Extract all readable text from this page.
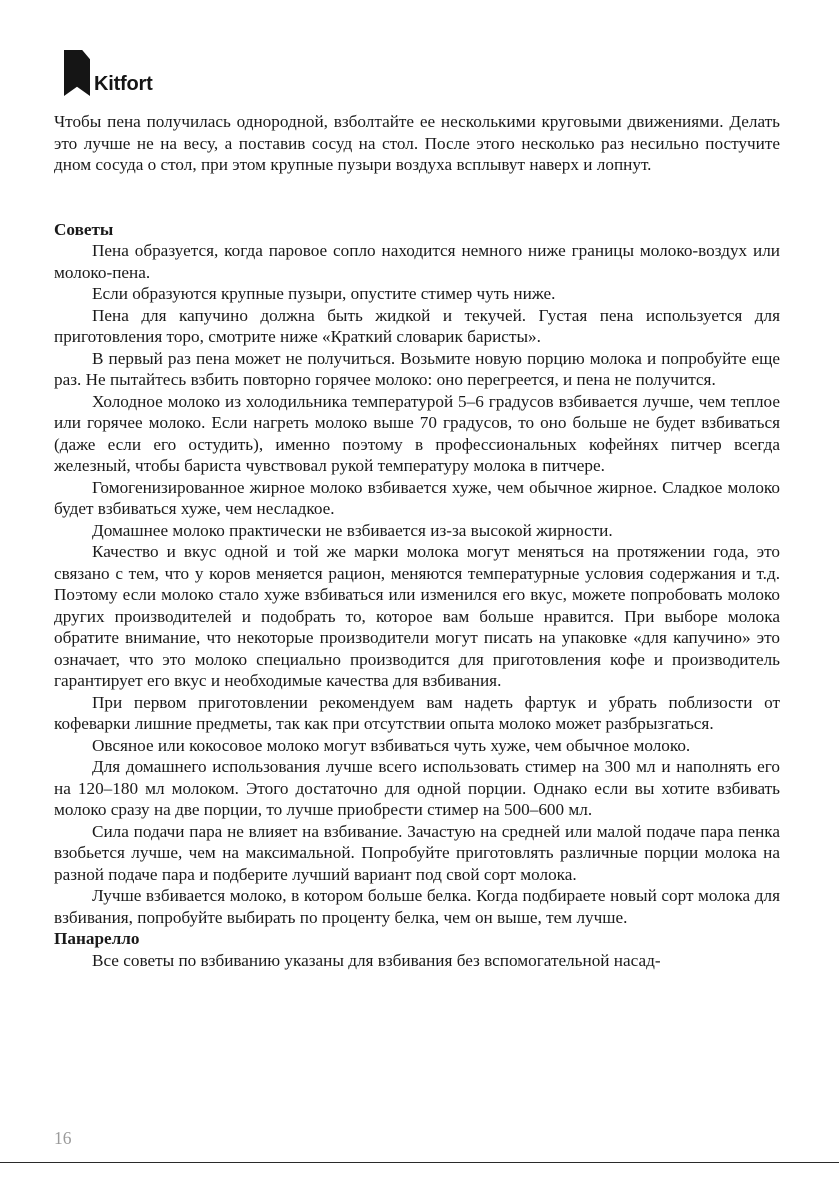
Kitfort

Чтобы пена получилась однородной, взболтайте ее несколькими круговыми движениями. Делать это лучше не на весу, а поставив сосуд на стол. После этого несколько раз несильно постучите дном сосуда о стол, при этом крупные пузыри воздуха всплывут наверх и лопнут.

Советы

Пена образуется, когда паровое сопло находится немного ниже границы молоко-воздух или молоко-пена.

Если образуются крупные пузыри, опустите стимер чуть ниже.

Пена для капучино должна быть жидкой и текучей. Густая пена используется для приготовления торо, смотрите ниже «Краткий словарик баристы».

В первый раз пена может не получиться. Возьмите новую порцию молока и попробуйте еще раз. Не пытайтесь взбить повторно горячее молоко: оно перегреется, и пена не получится.

Холодное молоко из холодильника температурой 5–6 градусов взбивается лучше, чем теплое или горячее молоко. Если нагреть молоко выше 70 градусов, то оно больше не будет взбиваться (даже если его остудить), именно поэтому в профессиональных кофейнях питчер всегда железный, чтобы бариста чувствовал рукой температуру молока в питчере.

Гомогенизированное жирное молоко взбивается хуже, чем обычное жирное. Сладкое молоко будет взбиваться хуже, чем несладкое.

Домашнее молоко практически не взбивается из-за высокой жирности.

Качество и вкус одной и той же марки молока могут меняться на протяжении года, это связано с тем, что у коров меняется рацион, меняются температурные условия содержания и т.д. Поэтому если молоко стало хуже взбиваться или изменился его вкус, можете попробовать молоко других производителей и подобрать то, которое вам больше нравится. При выборе молока обратите внимание, что некоторые производители могут писать на упаковке «для капучино» это означает, что это молоко специально производится для приготовления кофе и производитель гарантирует его вкус и необходимые качества для взбивания.

При первом приготовлении рекомендуем вам надеть фартук и убрать поблизости от кофеварки лишние предметы, так как при отсутствии опыта молоко может разбрызгаться.

Овсяное или кокосовое молоко могут взбиваться чуть хуже, чем обычное молоко.

Для домашнего использования лучше всего использовать стимер на 300 мл и наполнять его на 120–180 мл молоком. Этого достаточно для одной порции. Однако если вы хотите взбивать молоко сразу на две порции, то лучше приобрести стимер на 500–600 мл.

Сила подачи пара не влияет на взбивание. Зачастую на средней или малой подаче пара пенка взобьется лучше, чем на максимальной. Попробуйте приготовлять различные порции молока на разной подаче пара и подберите лучший вариант под свой сорт молока.

Лучше взбивается молоко, в котором больше белка. Когда подбираете новый сорт молока для взбивания, попробуйте выбирать по проценту белка, чем он выше, тем лучше.

Панарелло

Все советы по взбиванию указаны для взбивания без вспомогательной насад-

16
